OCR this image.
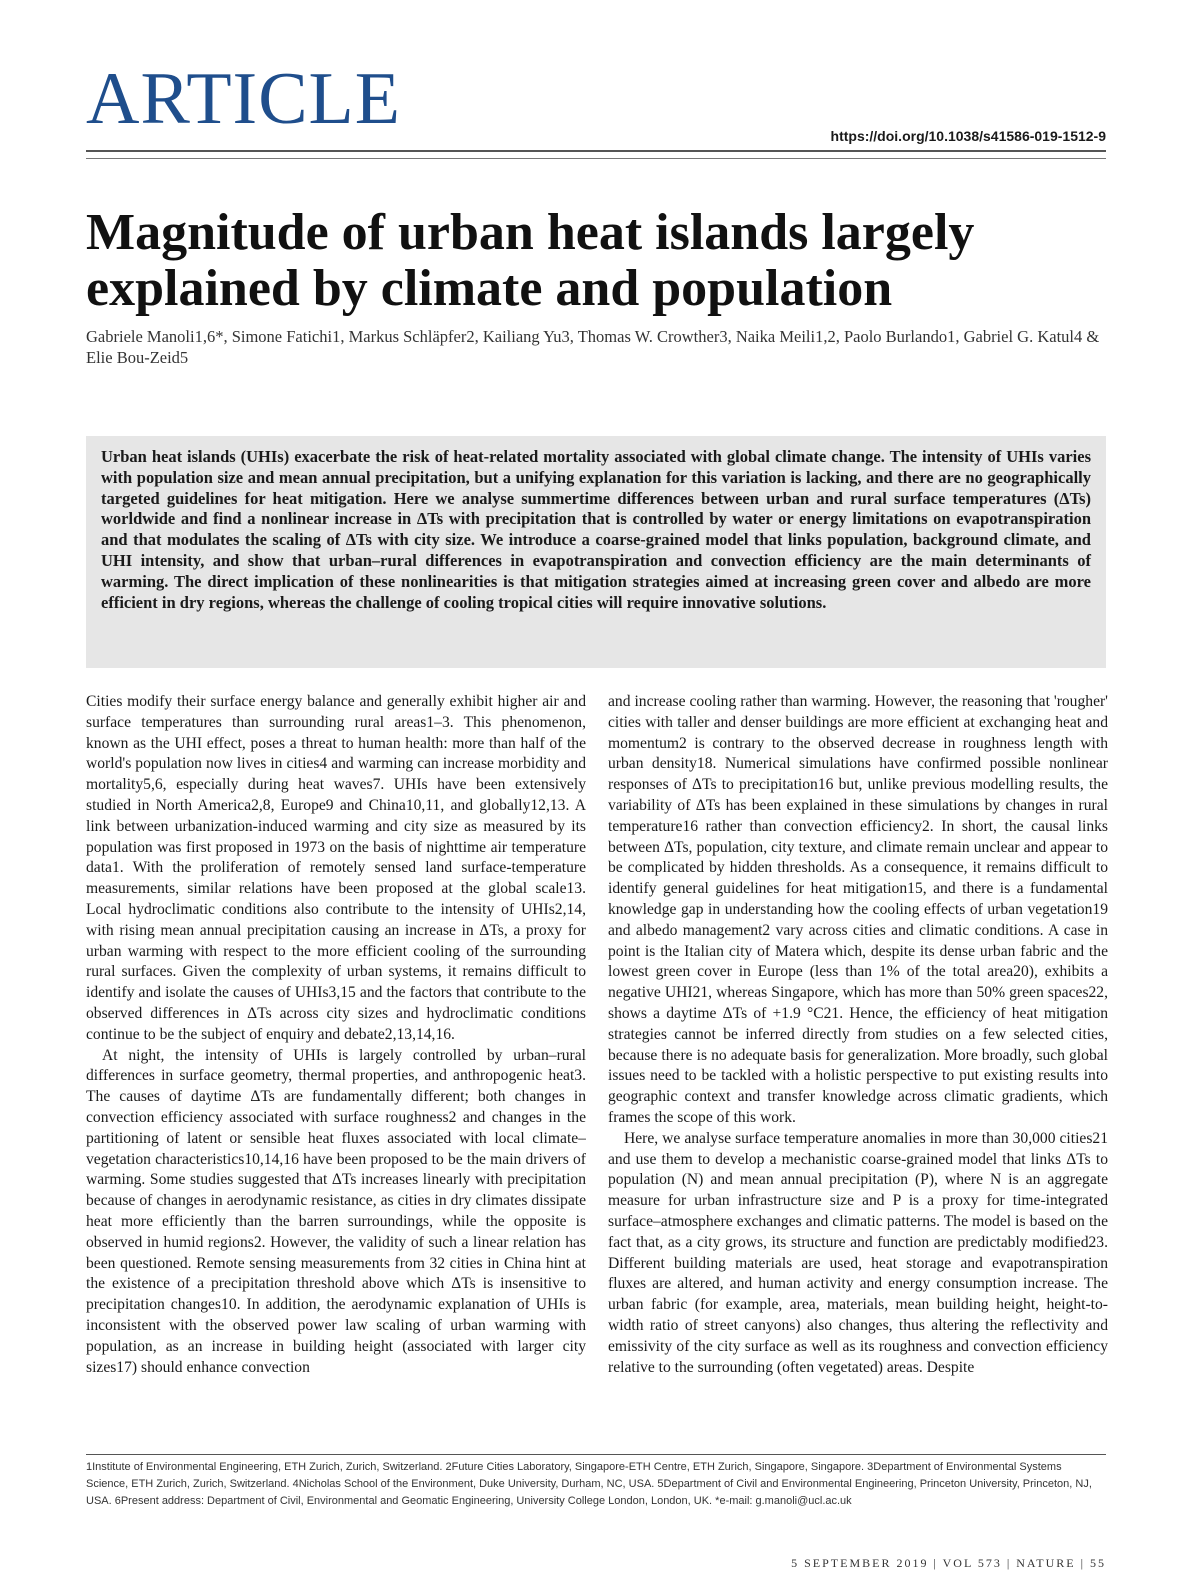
ARTICLE	https://doi.org/10.1038/s41586-019-1512-9
Magnitude of urban heat islands largely explained by climate and population
Gabriele Manoli1,6*, Simone Fatichi1, Markus Schläpfer2, Kailiang Yu3, Thomas W. Crowther3, Naika Meili1,2, Paolo Burlando1, Gabriel G. Katul4 & Elie Bou-Zeid5
Urban heat islands (UHIs) exacerbate the risk of heat-related mortality associated with global climate change. The intensity of UHIs varies with population size and mean annual precipitation, but a unifying explanation for this variation is lacking, and there are no geographically targeted guidelines for heat mitigation. Here we analyse summertime differences between urban and rural surface temperatures (ΔTs) worldwide and find a nonlinear increase in ΔTs with precipitation that is controlled by water or energy limitations on evapotranspiration and that modulates the scaling of ΔTs with city size. We introduce a coarse-grained model that links population, background climate, and UHI intensity, and show that urban–rural differences in evapotranspiration and convection efficiency are the main determinants of warming. The direct implication of these nonlinearities is that mitigation strategies aimed at increasing green cover and albedo are more efficient in dry regions, whereas the challenge of cooling tropical cities will require innovative solutions.

Cities modify their surface energy balance and generally exhibit higher air and surface temperatures than surrounding rural areas1–3. This phenomenon, known as the UHI effect, poses a threat to human health: more than half of the world's population now lives in cities4 and warming can increase morbidity and mortality5,6, especially during heat waves7. UHIs have been extensively studied in North America2,8, Europe9 and China10,11, and globally12,13. A link between urbanization-induced warming and city size as measured by its population was first proposed in 1973 on the basis of nighttime air temperature data1. With the proliferation of remotely sensed land surface-temperature measurements, similar relations have been proposed at the global scale13. Local hydroclimatic conditions also contribute to the intensity of UHIs2,14, with rising mean annual precipitation causing an increase in ΔTs, a proxy for urban warming with respect to the more efficient cooling of the surrounding rural surfaces. Given the complexity of urban systems, it remains difficult to identify and isolate the causes of UHIs3,15 and the factors that contribute to the observed differences in ΔTs across city sizes and hydroclimatic conditions continue to be the subject of enquiry and debate2,13,14,16.

At night, the intensity of UHIs is largely controlled by urban–rural differences in surface geometry, thermal properties, and anthropogenic heat3. The causes of daytime ΔTs are fundamentally different; both changes in convection efficiency associated with surface roughness2 and changes in the partitioning of latent or sensible heat fluxes associated with local climate–vegetation characteristics10,14,16 have been proposed to be the main drivers of warming. Some studies suggested that ΔTs increases linearly with precipitation because of changes in aerodynamic resistance, as cities in dry climates dissipate heat more efficiently than the barren surroundings, while the opposite is observed in humid regions2. However, the validity of such a linear relation has been questioned. Remote sensing measurements from 32 cities in China hint at the existence of a precipitation threshold above which ΔTs is insensitive to precipitation changes10. In addition, the aerodynamic explanation of UHIs is inconsistent with the observed power law scaling of urban warming with population, as an increase in building height (associated with larger city sizes17) should enhance convection

and increase cooling rather than warming. However, the reasoning that 'rougher' cities with taller and denser buildings are more efficient at exchanging heat and momentum2 is contrary to the observed decrease in roughness length with urban density18. Numerical simulations have confirmed possible nonlinear responses of ΔTs to precipitation16 but, unlike previous modelling results, the variability of ΔTs has been explained in these simulations by changes in rural temperature16 rather than convection efficiency2. In short, the causal links between ΔTs, population, city texture, and climate remain unclear and appear to be complicated by hidden thresholds. As a consequence, it remains difficult to identify general guidelines for heat mitigation15, and there is a fundamental knowledge gap in understanding how the cooling effects of urban vegetation19 and albedo management2 vary across cities and climatic conditions. A case in point is the Italian city of Matera which, despite its dense urban fabric and the lowest green cover in Europe (less than 1% of the total area20), exhibits a negative UHI21, whereas Singapore, which has more than 50% green spaces22, shows a daytime ΔTs of +1.9 °C21. Hence, the efficiency of heat mitigation strategies cannot be inferred directly from studies on a few selected cities, because there is no adequate basis for generalization. More broadly, such global issues need to be tackled with a holistic perspective to put existing results into geographic context and transfer knowledge across climatic gradients, which frames the scope of this work.

Here, we analyse surface temperature anomalies in more than 30,000 cities21 and use them to develop a mechanistic coarse-grained model that links ΔTs to population (N) and mean annual precipitation (P), where N is an aggregate measure for urban infrastructure size and P is a proxy for time-integrated surface–atmosphere exchanges and climatic patterns. The model is based on the fact that, as a city grows, its structure and function are predictably modified23. Different building materials are used, heat storage and evapotranspiration fluxes are altered, and human activity and energy consumption increase. The urban fabric (for example, area, materials, mean building height, height-to-width ratio of street canyons) also changes, thus altering the reflectivity and emissivity of the city surface as well as its roughness and convection efficiency relative to the surrounding (often vegetated) areas. Despite

1Institute of Environmental Engineering, ETH Zurich, Zurich, Switzerland. 2Future Cities Laboratory, Singapore-ETH Centre, ETH Zurich, Singapore, Singapore. 3Department of Environmental Systems Science, ETH Zurich, Zurich, Switzerland. 4Nicholas School of the Environment, Duke University, Durham, NC, USA. 5Department of Civil and Environmental Engineering, Princeton University, Princeton, NJ, USA. 6Present address: Department of Civil, Environmental and Geomatic Engineering, University College London, London, UK. *e-mail: g.manoli@ucl.ac.uk
5 SEPTEMBER 2019 | VOL 573 | NATURE | 55
